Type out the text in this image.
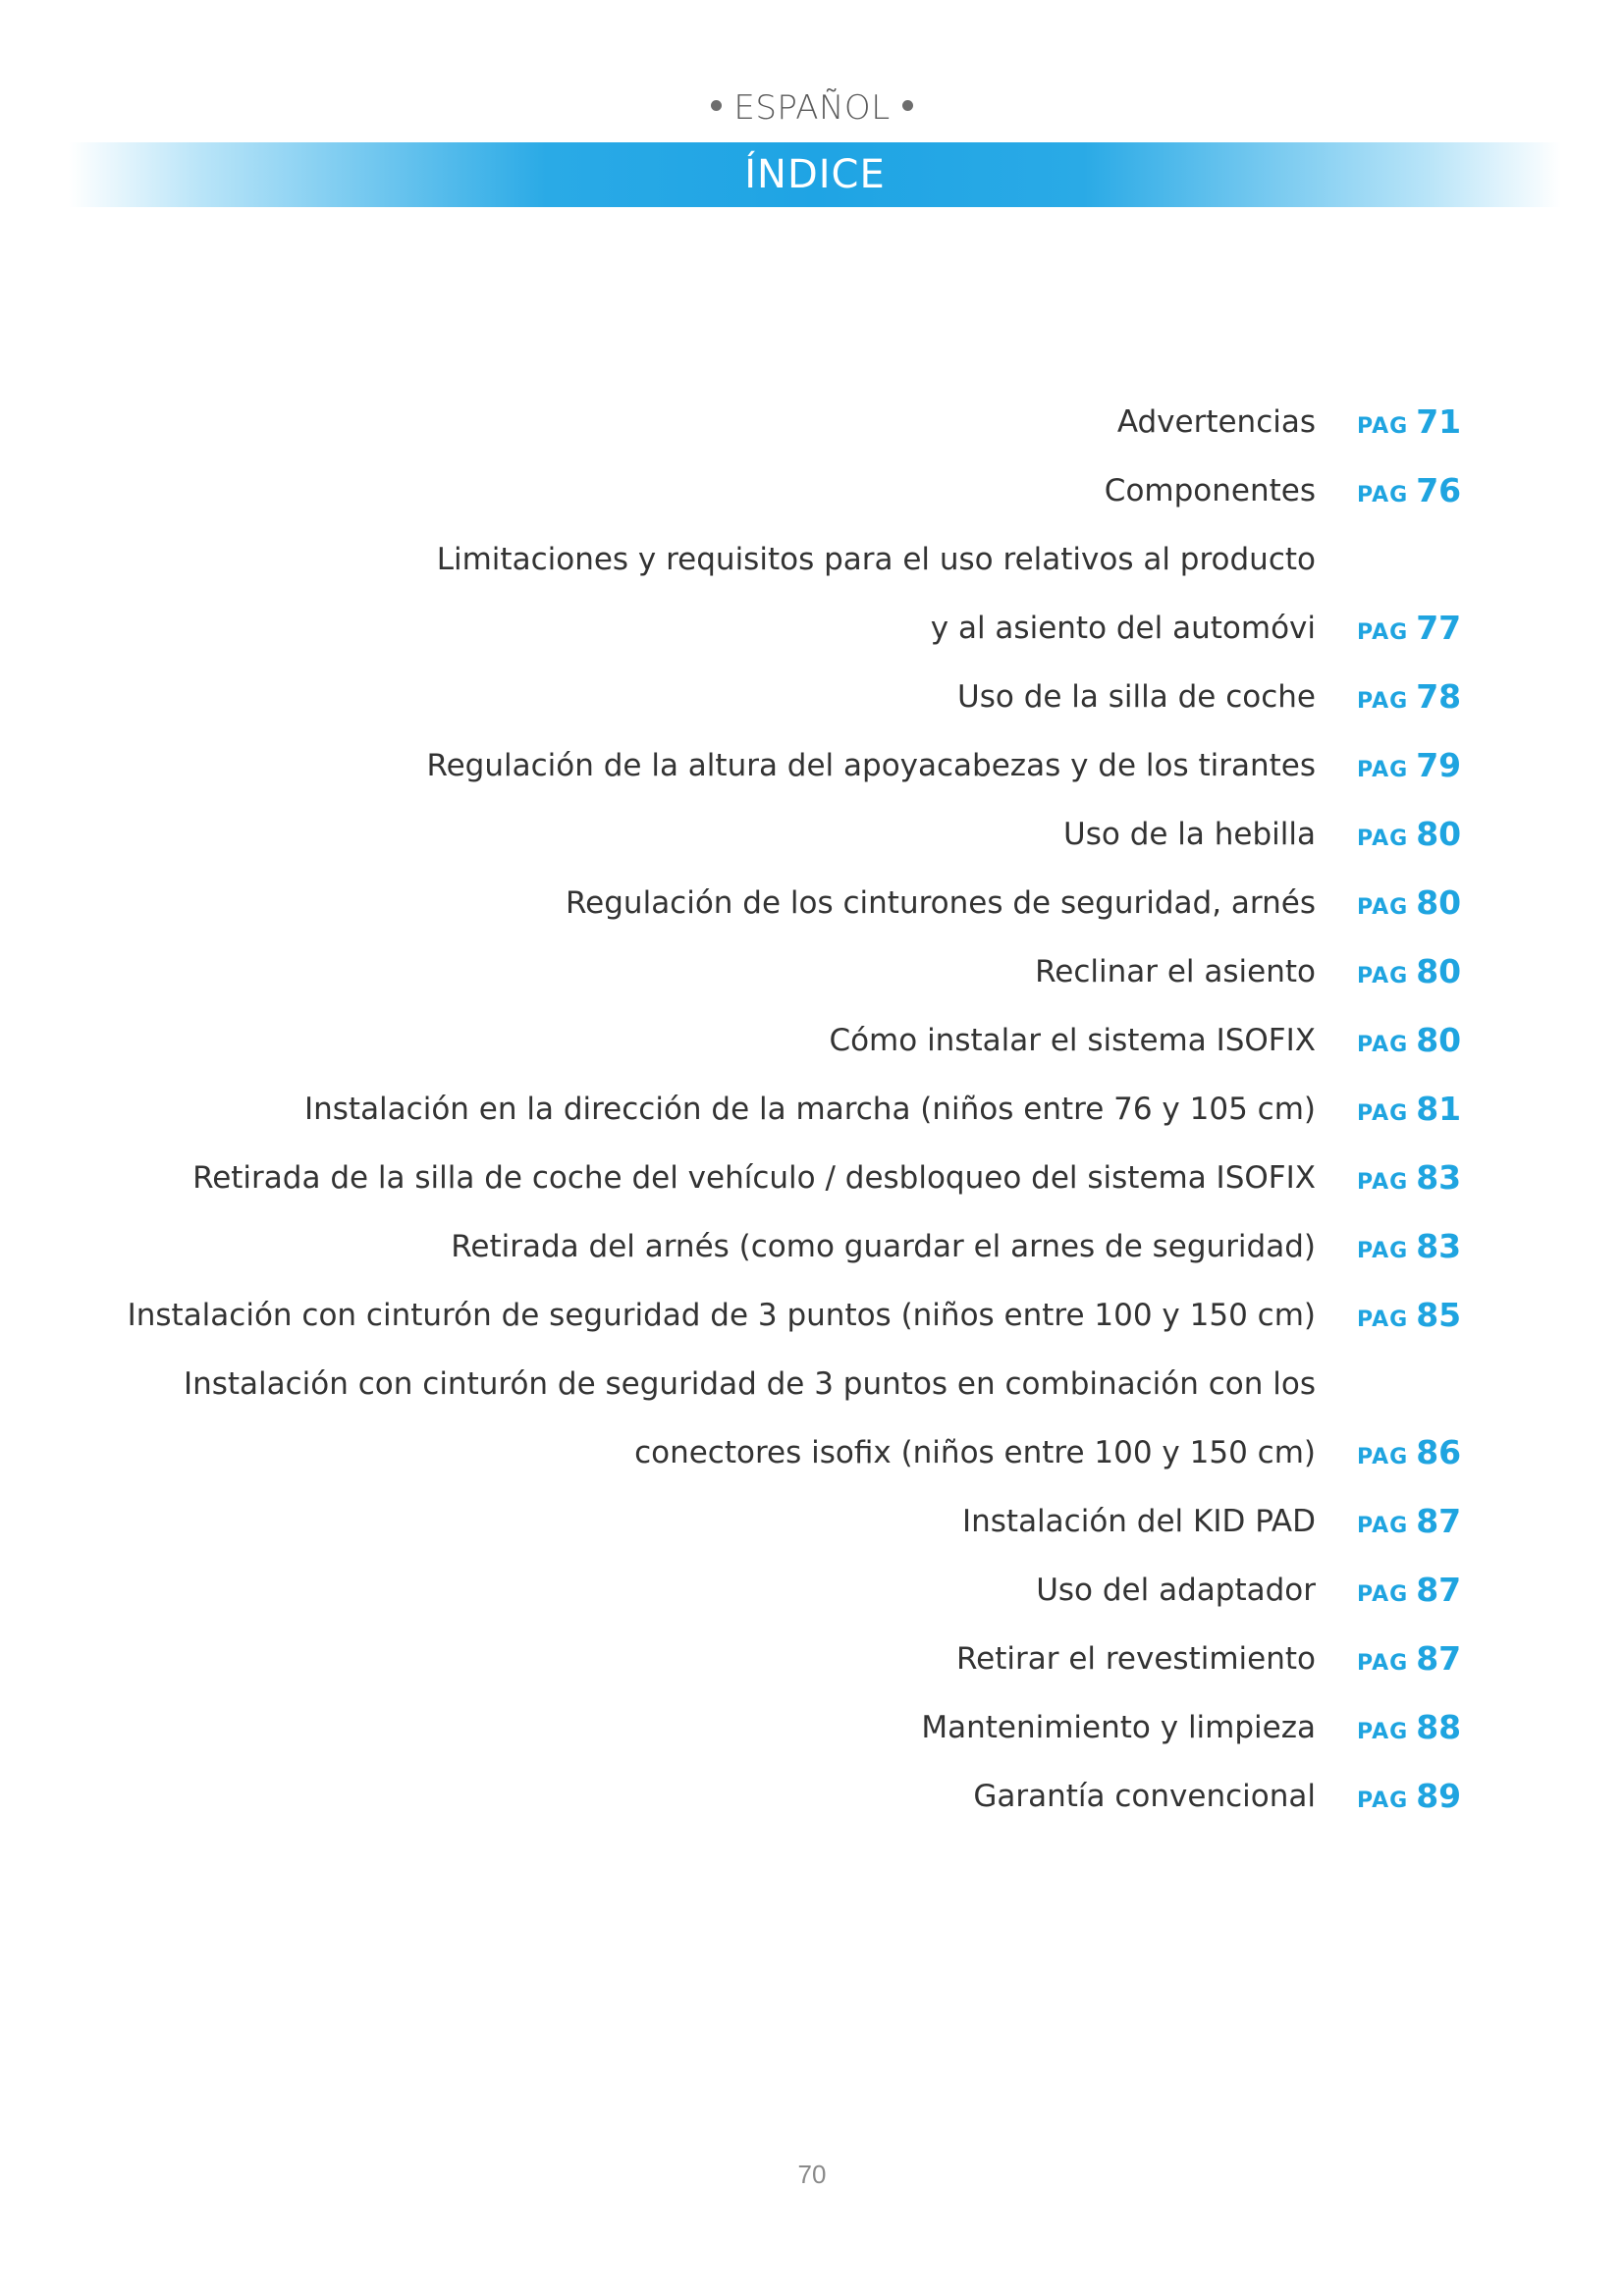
ESPAÑOL
ÍNDICE
Advertencias PAG 71
Componentes PAG 76
Limitaciones y requisitos para el uso relativos al producto
y al asiento del automóvi PAG 77
Uso de la silla de coche PAG 78
Regulación de la altura del apoyacabezas y de los tirantes PAG 79
Uso de la hebilla PAG 80
Regulación de los cinturones de seguridad, arnés PAG 80
Reclinar el asiento PAG 80
Cómo instalar el sistema ISOFIX PAG 80
Instalación en la dirección de la marcha (niños entre 76 y 105 cm) PAG 81
Retirada de la silla de coche del vehículo / desbloqueo del sistema ISOFIX PAG 83
Retirada del arnés (como guardar el arnes de seguridad) PAG 83
Instalación con cinturón de seguridad de 3 puntos (niños entre 100 y 150 cm) PAG 85
Instalación con cinturón de seguridad de 3 puntos en combinación con los
conectores isofix (niños entre 100 y 150 cm) PAG 86
Instalación del KID PAD PAG 87
Uso del adaptador PAG 87
Retirar el revestimiento PAG 87
Mantenimiento y limpieza PAG 88
Garantía convencional PAG 89
70
